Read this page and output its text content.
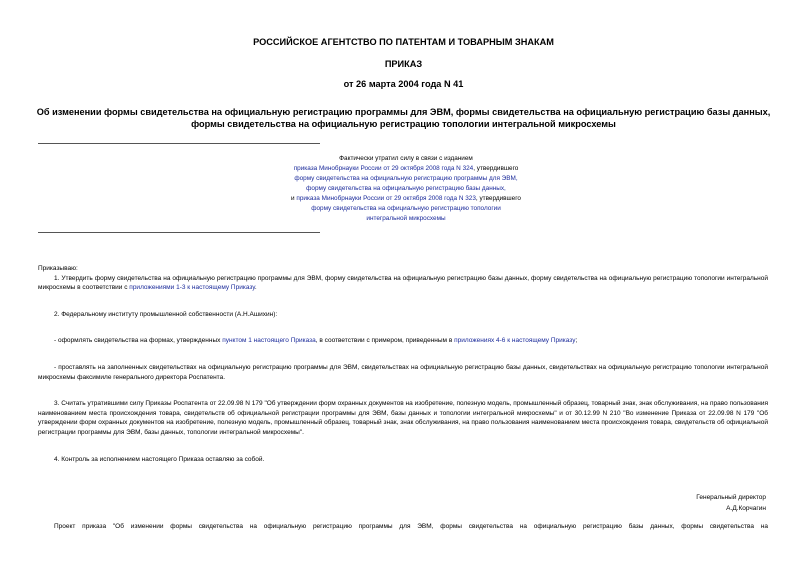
РОССИЙСКОЕ АГЕНТСТВО ПО ПАТЕНТАМ И ТОВАРНЫМ ЗНАКАМ
ПРИКАЗ
от 26 марта 2004 года N 41
Об изменении формы свидетельства на официальную регистрацию программы для ЭВМ, формы свидетельства на официальную регистрацию базы данных,
формы свидетельства на официальную регистрацию топологии интегральной микросхемы
Фактически утратил силу в связи с изданием
приказа Минобрнауки России от 29 октября 2008 года N 324, утвердившего
форму свидетельства на официальную регистрацию программы для ЭВМ,
форму свидетельства на официальную регистрацию базы данных,
и приказа Минобрнауки России от 29 октября 2008 года N 323, утвердившего
форму свидетельства на официальную регистрацию топологии
интегральной микросхемы

Приказываю:

1. Утвердить форму свидетельства на официальную регистрацию программы для ЭВМ, форму свидетельства на официальную регистрацию базы данных, форму свидетельства на официальную регистрацию топологии интегральной микросхемы в соответствии с приложениями 1-3 к настоящему Приказу.

2. Федеральному институту промышленной собственности (А.Н.Ашихин):

- оформлять свидетельства на формах, утвержденных пунктом 1 настоящего Приказа, в соответствии с примером, приведенным в приложениях 4-6 к настоящему Приказу;

- проставлять на заполненных свидетельствах на официальную регистрацию программы для ЭВМ, свидетельствах на официальную регистрацию базы данных, свидетельствах на официальную регистрацию топологии интегральной микросхемы факсимиле генерального директора Роспатента.

3. Считать утратившими силу Приказы Роспатента от 22.09.98 N 179 "Об утверждении форм охранных документов на изобретение, полезную модель, промышленный образец, товарный знак, знак обслуживания, на право пользования наименованием места происхождения товара, свидетельств об официальной регистрации программы для ЭВМ, базы данных и топологии интегральной микросхемы" и от 30.12.99 N 210 "Во изменение Приказа от 22.09.98 N 179 "Об утверждении форм охранных документов на изобретение, полезную модель, промышленный образец, товарный знак, знак обслуживания, на право пользования наименованием места происхождения товара, свидетельств об официальной регистрации программы для ЭВМ, базы данных, топологии интегральной микросхемы".

4. Контроль за исполнением настоящего Приказа оставляю за собой.

Генеральный директор
А.Д.Корчагин
Проект приказа "Об изменении формы свидетельства на официальную регистрацию программы для ЭВМ, формы свидетельства на официальную регистрацию базы данных, формы свидетельства на
